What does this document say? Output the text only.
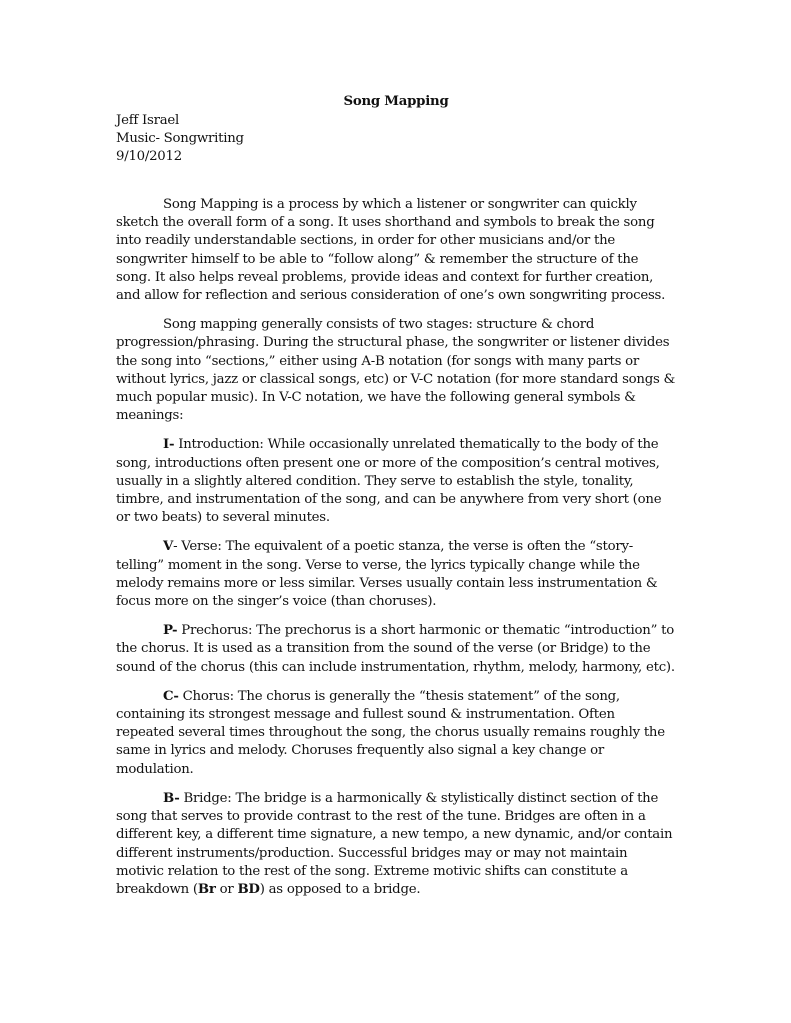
Song Mapping
Jeff Israel
Music- Songwriting
9/10/2012

Song Mapping is a process by which a listener or songwriter can quickly sketch the overall form of a song. It uses shorthand and symbols to break the song into readily understandable sections, in order for other musicians and/or the songwriter himself to be able to “follow along” & remember the structure of the song. It also helps reveal problems, provide ideas and context for further creation, and allow for reflection and serious consideration of one’s own songwriting process.

Song mapping generally consists of two stages: structure & chord progression/phrasing. During the structural phase, the songwriter or listener divides the song into “sections,” either using A-B notation (for songs with many parts or without lyrics, jazz or classical songs, etc) or V-C notation (for more standard songs & much popular music). In V-C notation, we have the following general symbols & meanings:

I- Introduction: While occasionally unrelated thematically to the body of the song, introductions often present one or more of the composition’s central motives, usually in a slightly altered condition. They serve to establish the style, tonality, timbre, and instrumentation of the song, and can be anywhere from very short (one or two beats) to several minutes.

V- Verse: The equivalent of a poetic stanza, the verse is often the “story-telling” moment in the song. Verse to verse, the lyrics typically change while the melody remains more or less similar. Verses usually contain less instrumentation & focus more on the singer’s voice (than choruses).

P- Prechorus: The prechorus is a short harmonic or thematic “introduction” to the chorus. It is used as a transition from the sound of the verse (or Bridge) to the sound of the chorus (this can include instrumentation, rhythm, melody, harmony, etc).

C- Chorus: The chorus is generally the “thesis statement” of the song, containing its strongest message and fullest sound & instrumentation. Often repeated several times throughout the song, the chorus usually remains roughly the same in lyrics and melody. Choruses frequently also signal a key change or modulation.

B- Bridge: The bridge is a harmonically & stylistically distinct section of the song that serves to provide contrast to the rest of the tune. Bridges are often in a different key, a different time signature, a new tempo, a new dynamic, and/or contain different instruments/production. Successful bridges may or may not maintain motivic relation to the rest of the song. Extreme motivic shifts can constitute a breakdown (Br or BD) as opposed to a bridge.
